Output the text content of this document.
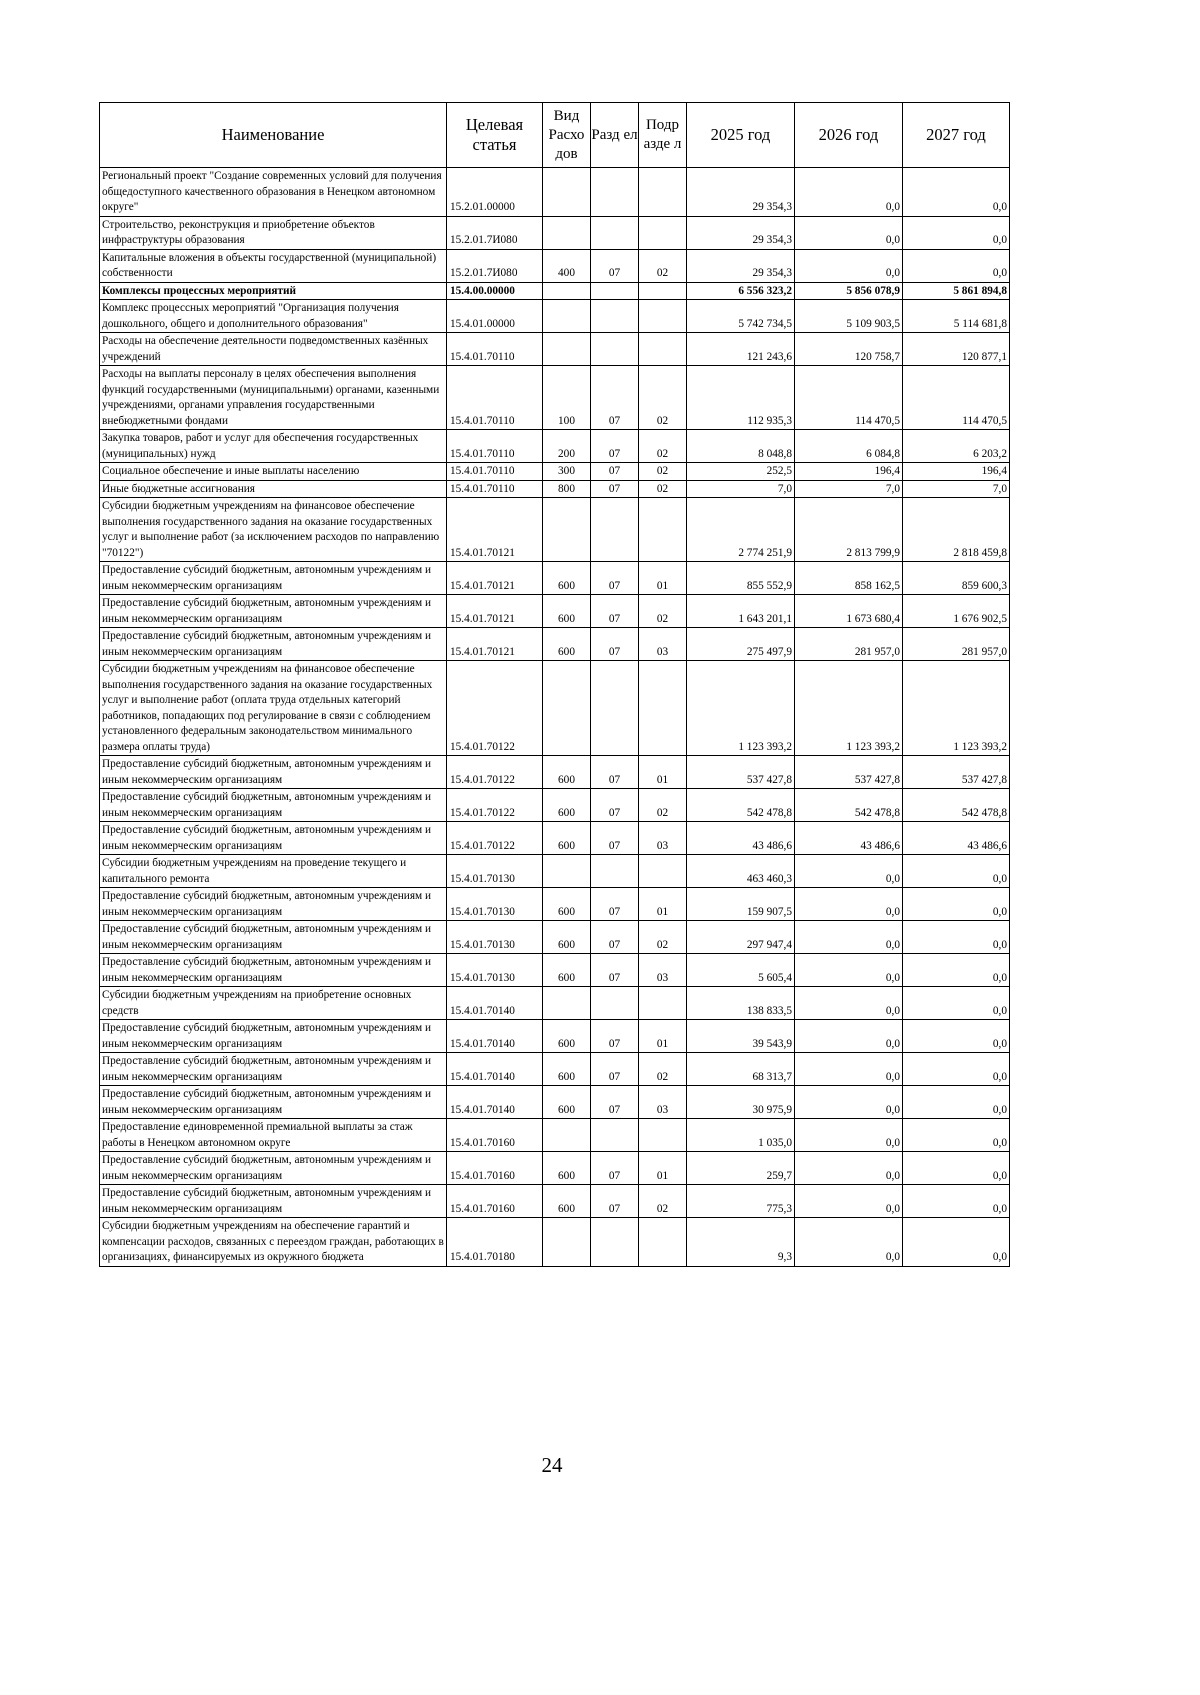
Наименование	Целевая статья	Вид Расхо дов	Разд ел	Подр азде л	2025 год	2026 год	2027 год
Региональный проект "Создание современных условий для получения общедоступного качественного образования в Ненецком автономном округе"	15.2.01.00000				29 354,3	0,0	0,0
Строительство, реконструкция и приобретение объектов инфраструктуры образования	15.2.01.7И080				29 354,3	0,0	0,0
Капитальные вложения в объекты государственной (муниципальной) собственности	15.2.01.7И080	400	07	02	29 354,3	0,0	0,0
Комплексы процессных мероприятий	15.4.00.00000				6 556 323,2	5 856 078,9	5 861 894,8
Комплекс процессных мероприятий "Организация получения дошкольного, общего и дополнительного образования"	15.4.01.00000				5 742 734,5	5 109 903,5	5 114 681,8
Расходы на обеспечение деятельности подведомственных казённых учреждений	15.4.01.70110				121 243,6	120 758,7	120 877,1
Расходы на выплаты персоналу в целях обеспечения выполнения функций государственными (муниципальными) органами, казенными учреждениями, органами управления государственными внебюджетными фондами	15.4.01.70110	100	07	02	112 935,3	114 470,5	114 470,5
Закупка товаров, работ и услуг для обеспечения государственных (муниципальных) нужд	15.4.01.70110	200	07	02	8 048,8	6 084,8	6 203,2
Социальное обеспечение и иные выплаты населению	15.4.01.70110	300	07	02	252,5	196,4	196,4
Иные бюджетные ассигнования	15.4.01.70110	800	07	02	7,0	7,0	7,0
Субсидии бюджетным учреждениям на финансовое обеспечение выполнения государственного задания на оказание государственных услуг и выполнение работ (за исключением расходов по направлению "70122")	15.4.01.70121				2 774 251,9	2 813 799,9	2 818 459,8
Предоставление субсидий бюджетным, автономным учреждениям и иным некоммерческим организациям	15.4.01.70121	600	07	01	855 552,9	858 162,5	859 600,3
Предоставление субсидий бюджетным, автономным учреждениям и иным некоммерческим организациям	15.4.01.70121	600	07	02	1 643 201,1	1 673 680,4	1 676 902,5
Предоставление субсидий бюджетным, автономным учреждениям и иным некоммерческим организациям	15.4.01.70121	600	07	03	275 497,9	281 957,0	281 957,0
Субсидии бюджетным учреждениям на финансовое обеспечение выполнения государственного задания на оказание государственных услуг и выполнение работ (оплата труда отдельных категорий работников, попадающих под регулирование в связи с соблюдением установленного федеральным законодательством минимального размера оплаты труда)	15.4.01.70122				1 123 393,2	1 123 393,2	1 123 393,2
Предоставление субсидий бюджетным, автономным учреждениям и иным некоммерческим организациям	15.4.01.70122	600	07	01	537 427,8	537 427,8	537 427,8
Предоставление субсидий бюджетным, автономным учреждениям и иным некоммерческим организациям	15.4.01.70122	600	07	02	542 478,8	542 478,8	542 478,8
Предоставление субсидий бюджетным, автономным учреждениям и иным некоммерческим организациям	15.4.01.70122	600	07	03	43 486,6	43 486,6	43 486,6
Субсидии бюджетным учреждениям на проведение текущего и капитального ремонта	15.4.01.70130				463 460,3	0,0	0,0
Предоставление субсидий бюджетным, автономным учреждениям и иным некоммерческим организациям	15.4.01.70130	600	07	01	159 907,5	0,0	0,0
Предоставление субсидий бюджетным, автономным учреждениям и иным некоммерческим организациям	15.4.01.70130	600	07	02	297 947,4	0,0	0,0
Предоставление субсидий бюджетным, автономным учреждениям и иным некоммерческим организациям	15.4.01.70130	600	07	03	5 605,4	0,0	0,0
Субсидии бюджетным учреждениям на приобретение основных средств	15.4.01.70140				138 833,5	0,0	0,0
Предоставление субсидий бюджетным, автономным учреждениям и иным некоммерческим организациям	15.4.01.70140	600	07	01	39 543,9	0,0	0,0
Предоставление субсидий бюджетным, автономным учреждениям и иным некоммерческим организациям	15.4.01.70140	600	07	02	68 313,7	0,0	0,0
Предоставление субсидий бюджетным, автономным учреждениям и иным некоммерческим организациям	15.4.01.70140	600	07	03	30 975,9	0,0	0,0
Предоставление единовременной премиальной выплаты за стаж работы в Ненецком автономном округе	15.4.01.70160				1 035,0	0,0	0,0
Предоставление субсидий бюджетным, автономным учреждениям и иным некоммерческим организациям	15.4.01.70160	600	07	01	259,7	0,0	0,0
Предоставление субсидий бюджетным, автономным учреждениям и иным некоммерческим организациям	15.4.01.70160	600	07	02	775,3	0,0	0,0
Субсидии бюджетным учреждениям на обеспечение гарантий и компенсации расходов, связанных с переездом граждан, работающих в организациях, финансируемых из окружного бюджета	15.4.01.70180				9,3	0,0	0,0
24
